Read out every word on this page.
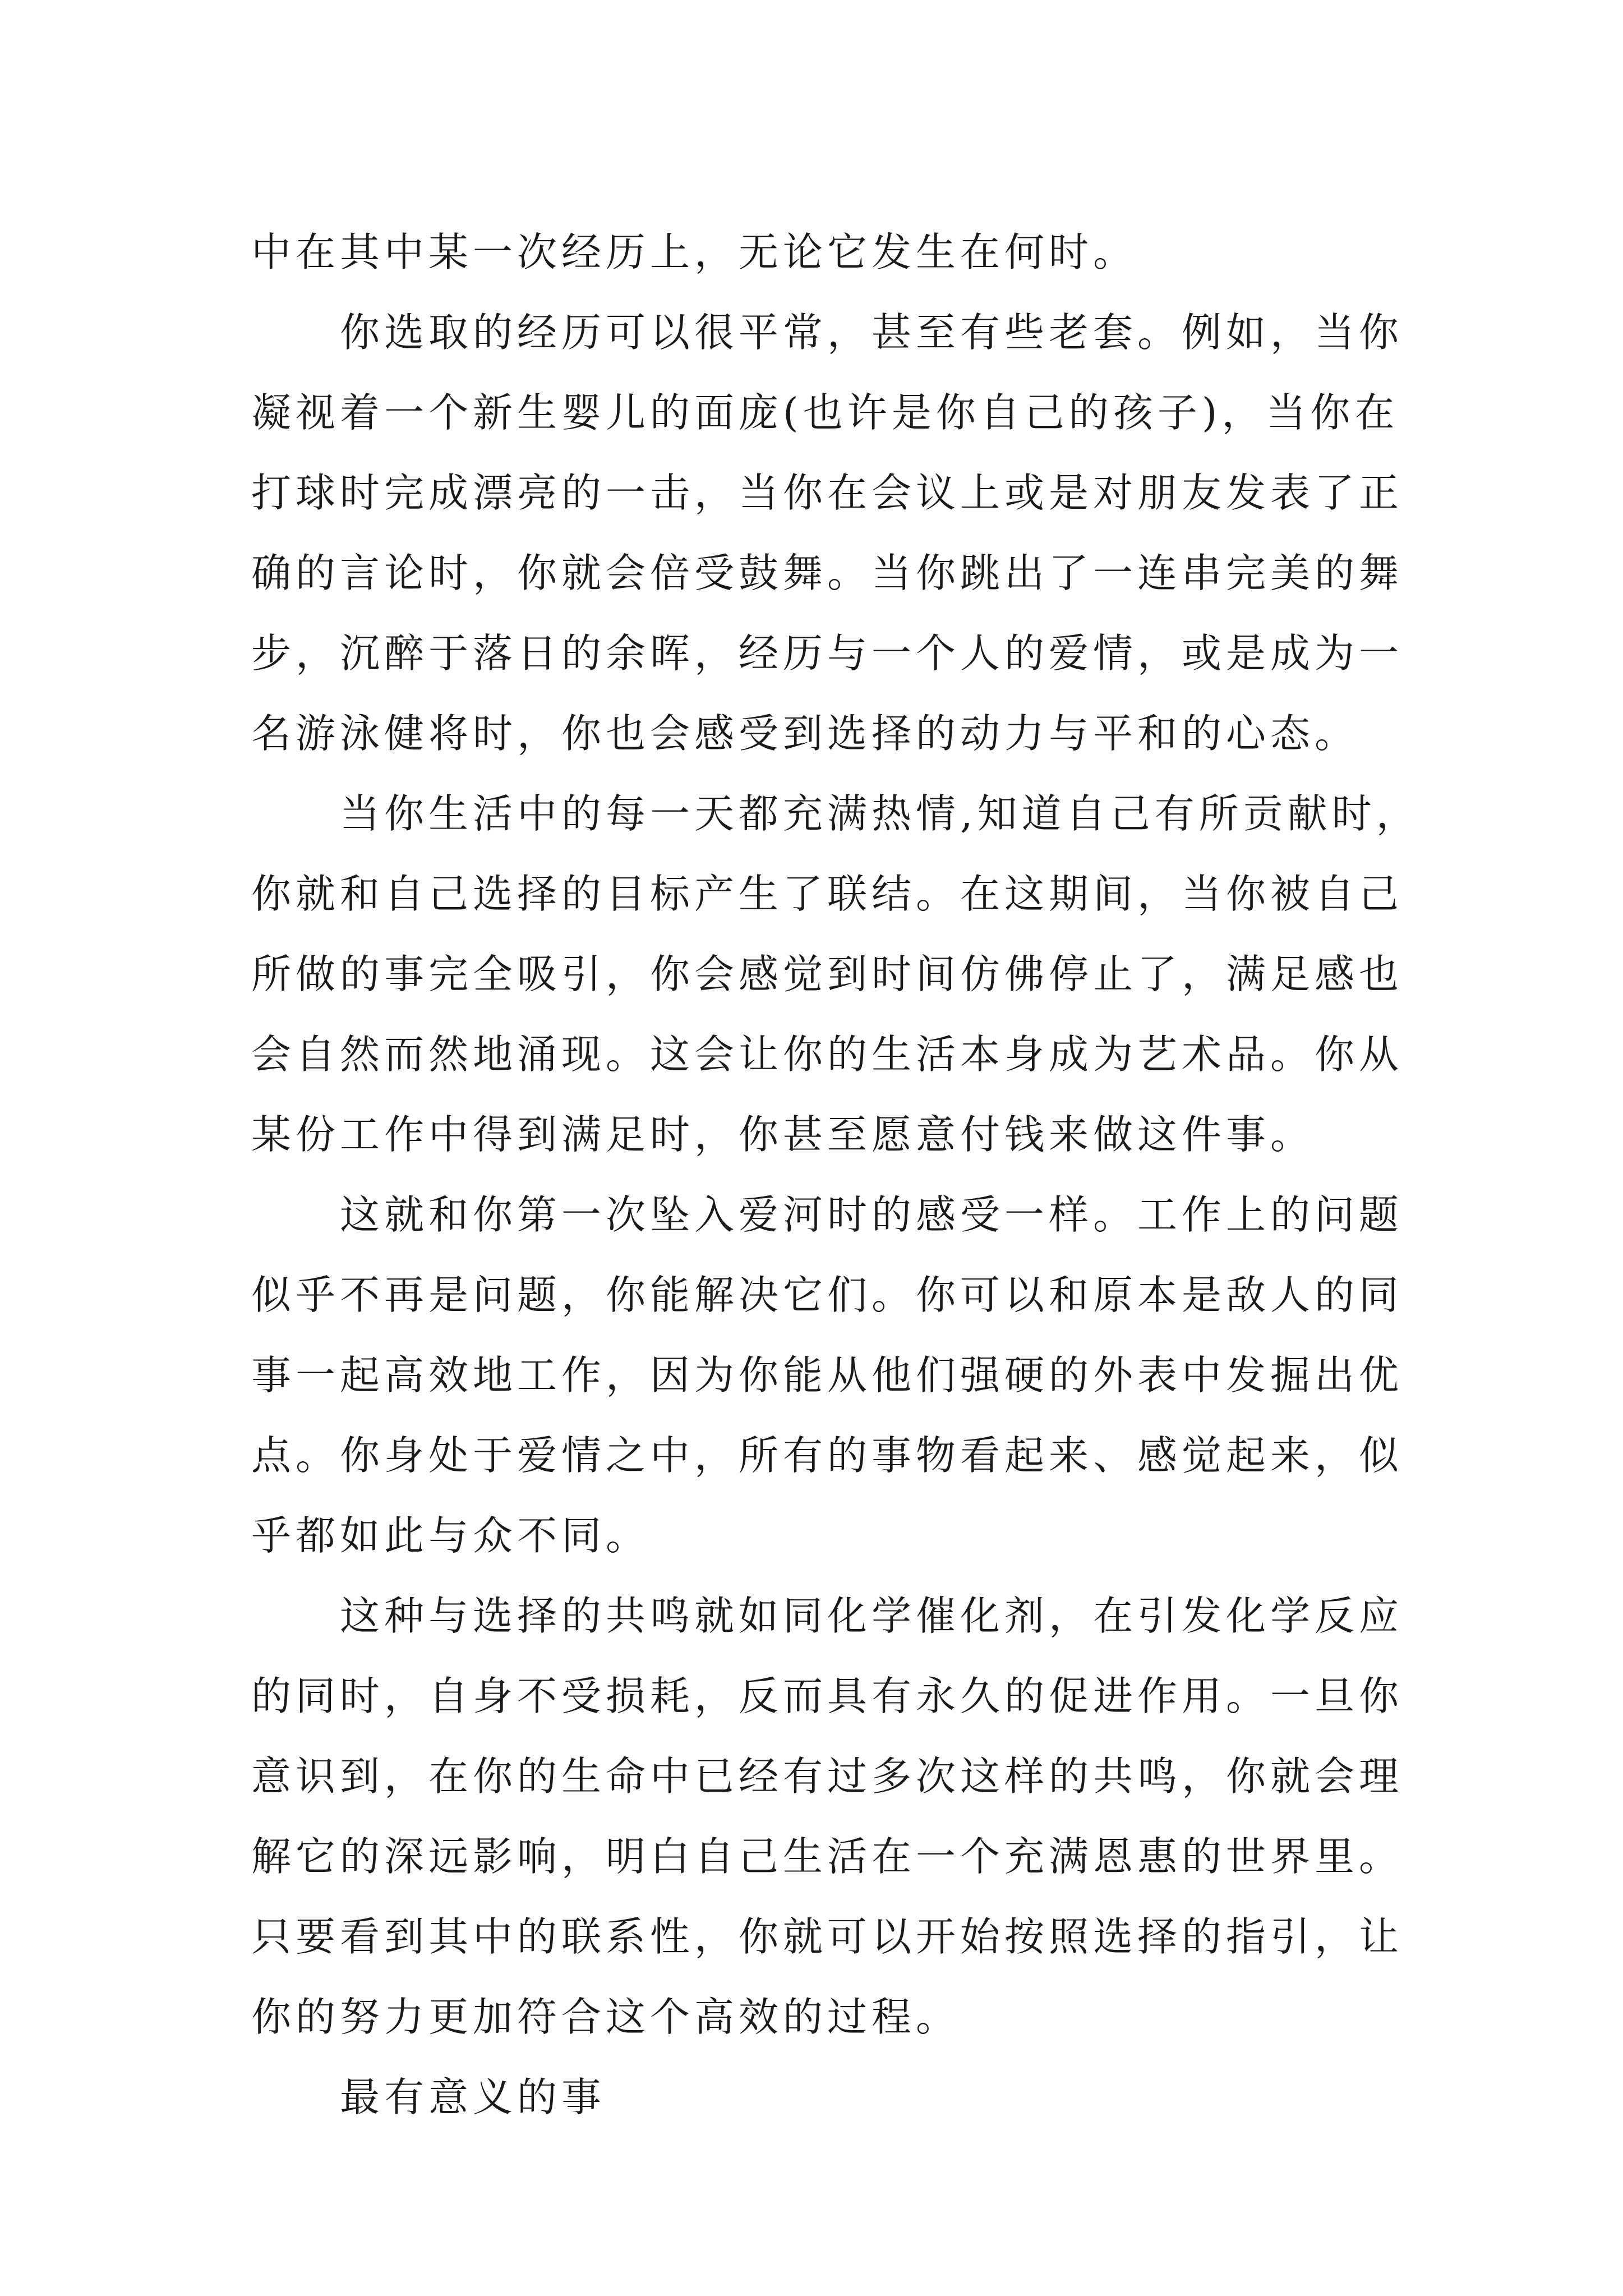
中在其中某一次经历上，无论它发生在何时。
　　你选取的经历可以很平常，甚至有些老套。例如，当你
凝视着一个新生婴儿的面庞(也许是你自己的孩子)，当你在
打球时完成漂亮的一击，当你在会议上或是对朋友发表了正
确的言论时，你就会倍受鼓舞。当你跳出了一连串完美的舞
步，沉醉于落日的余晖，经历与一个人的爱情，或是成为一
名游泳健将时，你也会感受到选择的动力与平和的心态。
　　当你生活中的每一天都充满热情,知道自己有所贡献时，
你就和自己选择的目标产生了联结。在这期间，当你被自己
所做的事完全吸引，你会感觉到时间仿佛停止了，满足感也
会自然而然地涌现。这会让你的生活本身成为艺术品。你从
某份工作中得到满足时，你甚至愿意付钱来做这件事。
　　这就和你第一次坠入爱河时的感受一样。工作上的问题
似乎不再是问题，你能解决它们。你可以和原本是敌人的同
事一起高效地工作，因为你能从他们强硬的外表中发掘出优
点。你身处于爱情之中，所有的事物看起来、感觉起来，似
乎都如此与众不同。
　　这种与选择的共鸣就如同化学催化剂，在引发化学反应
的同时，自身不受损耗，反而具有永久的促进作用。一旦你
意识到，在你的生命中已经有过多次这样的共鸣，你就会理
解它的深远影响，明白自己生活在一个充满恩惠的世界里。
只要看到其中的联系性，你就可以开始按照选择的指引，让
你的努力更加符合这个高效的过程。
　　最有意义的事
